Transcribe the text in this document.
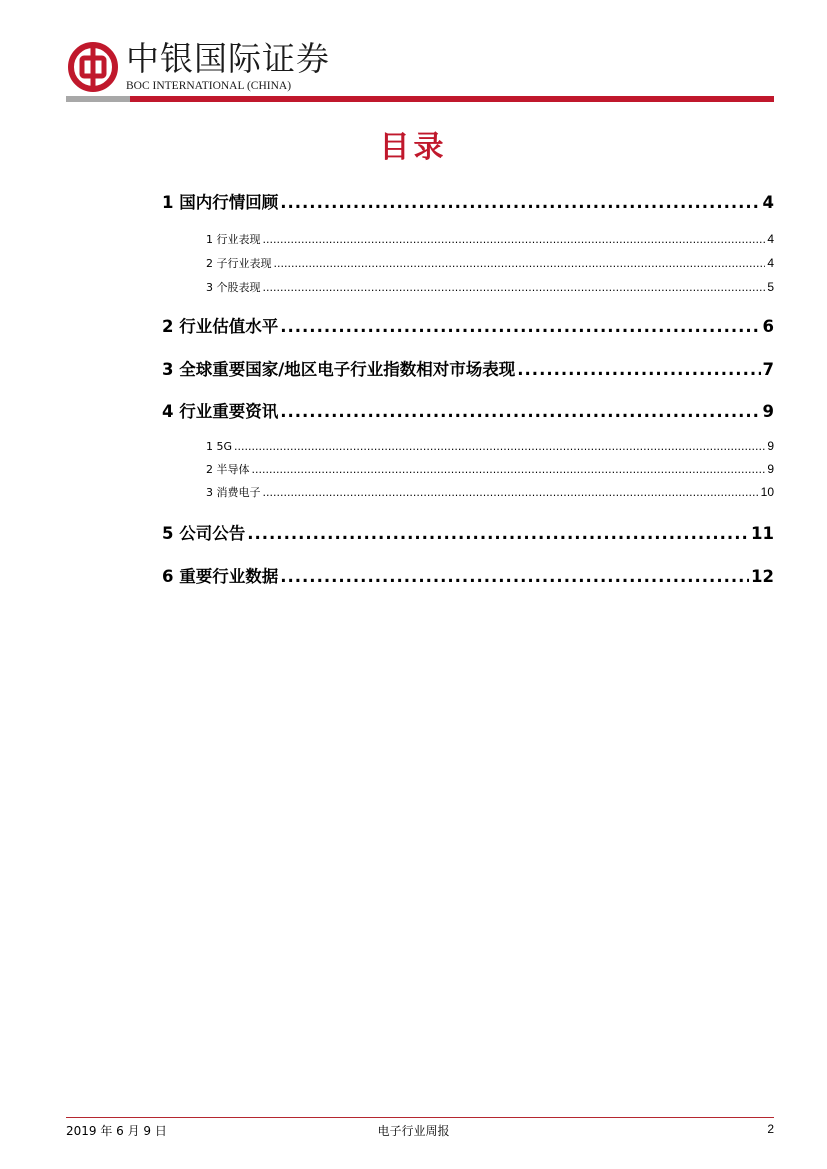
中银国际证券
BOC INTERNATIONAL (CHINA)
目录
1 国内行情回顾 .....	4
1 行业表现 .....	4
2 子行业表现 .....	4
3 个股表现 .....	5
2 行业估值水平 .....	6
3 全球重要国家/地区电子行业指数相对市场表现 .....	7
4 行业重要资讯 .....	9
1 5G .....	9
2 半导体 .....	9
3 消费电子 .....	10
5 公司公告 .....	11
6 重要行业数据 .....	12
2019 年 6 月 9 日	电子行业周报	2
